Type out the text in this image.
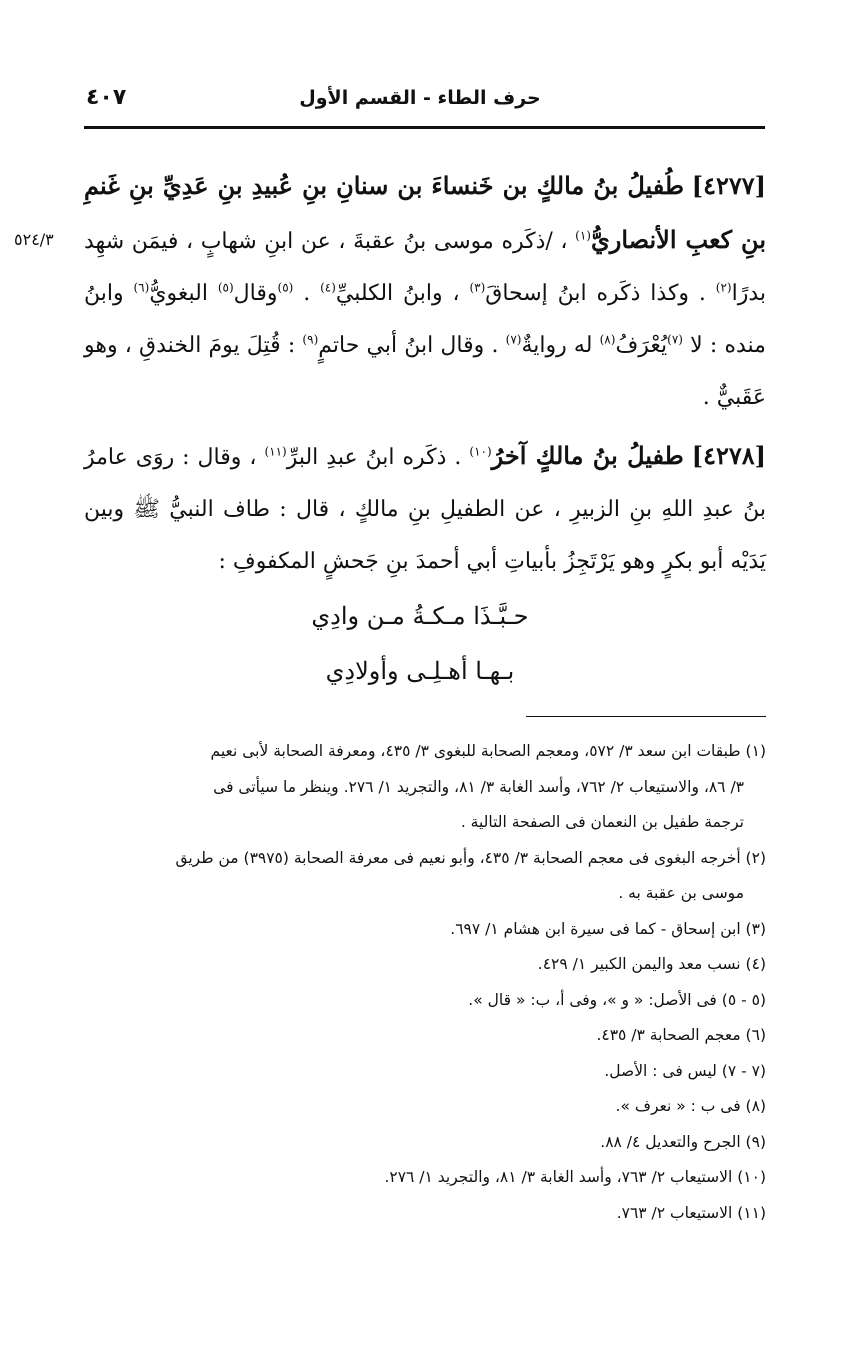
حرف الطاء - القسم الأول
٤٠٧
٥٢٤/٣

[٤٢٧٧] طُفيلُ بنُ مالكٍ بن خَنساءَ بن سنانِ بنِ عُبيدِ بنِ عَدِيِّ بنِ غَنمِ بنِ كعبِ الأنصاريُّ$^{(١)}$ ، /ذكَره موسى بنُ عقبةَ ، عن ابنِ شهابٍ ، فيمَن شهِد بدرًا$^{(٢)}$ . وكذا ذكَره ابنُ إسحاقَ$^{(٣)}$ ، وابنُ الكلبيِّ$^{(٤)}$ . $^{(٥)}$وقال$^{(٥)}$ البغويُّ$^{(٦)}$ وابنُ منده : لا $^{(٧)}$يُعْرَفُ$^{(٨)}$ له روايةٌ$^{(٧)}$ . وقال ابنُ أبي حاتمٍ$^{(٩)}$ : قُتِلَ يومَ الخندقِ ، وهو عَقَبيٌّ .

[٤٢٧٨] طفيلُ بنُ مالكٍ آخرُ$^{(١٠)}$ . ذكَره ابنُ عبدِ البرِّ$^{(١١)}$ ، وقال : روَى عامرُ بنُ عبدِ اللهِ بنِ الزبيرِ ، عن الطفيلِ بنِ مالكٍ ، قال : طاف النبيُّ ﷺ وبين يَدَيْه أبو بكرٍ وهو يَرْتَجِزُ بأبياتِ أبي أحمدَ بنِ جَحشٍ المكفوفِ :

حـبَّـذَا مـكـةُ مـن وادِي
بـهـا أهـلِـى وأولادِي

(١) طبقات ابن سعد ٣/ ٥٧٢، ومعجم الصحابة للبغوى ٣/ ٤٣٥، ومعرفة الصحابة لأبى نعيم

٣/ ٨٦، والاستيعاب ٢/ ٧٦٢، وأسد الغابة ٣/ ٨١، والتجريد ١/ ٢٧٦. وينظر ما سيأتى فى

ترجمة طفيل بن النعمان فى الصفحة التالية .

(٢) أخرجه البغوى فى معجم الصحابة ٣/ ٤٣٥، وأبو نعيم فى معرفة الصحابة (٣٩٧٥) من طريق

موسى بن عقبة به .

(٣) ابن إسحاق - كما فى سيرة ابن هشام ١/ ٦٩٧.

(٤) نسب معد واليمن الكبير ١/ ٤٢٩.

(٥ - ٥) فى الأصل: « و »، وفى أ، ب: « قال ».

(٦) معجم الصحابة ٣/ ٤٣٥.

(٧ - ٧) ليس فى : الأصل.

(٨) فى ب : « نعرف ».

(٩) الجرح والتعديل ٤/ ٨٨.

(١٠) الاستيعاب ٢/ ٧٦٣، وأسد الغابة ٣/ ٨١، والتجريد ١/ ٢٧٦.

(١١) الاستيعاب ٢/ ٧٦٣.
